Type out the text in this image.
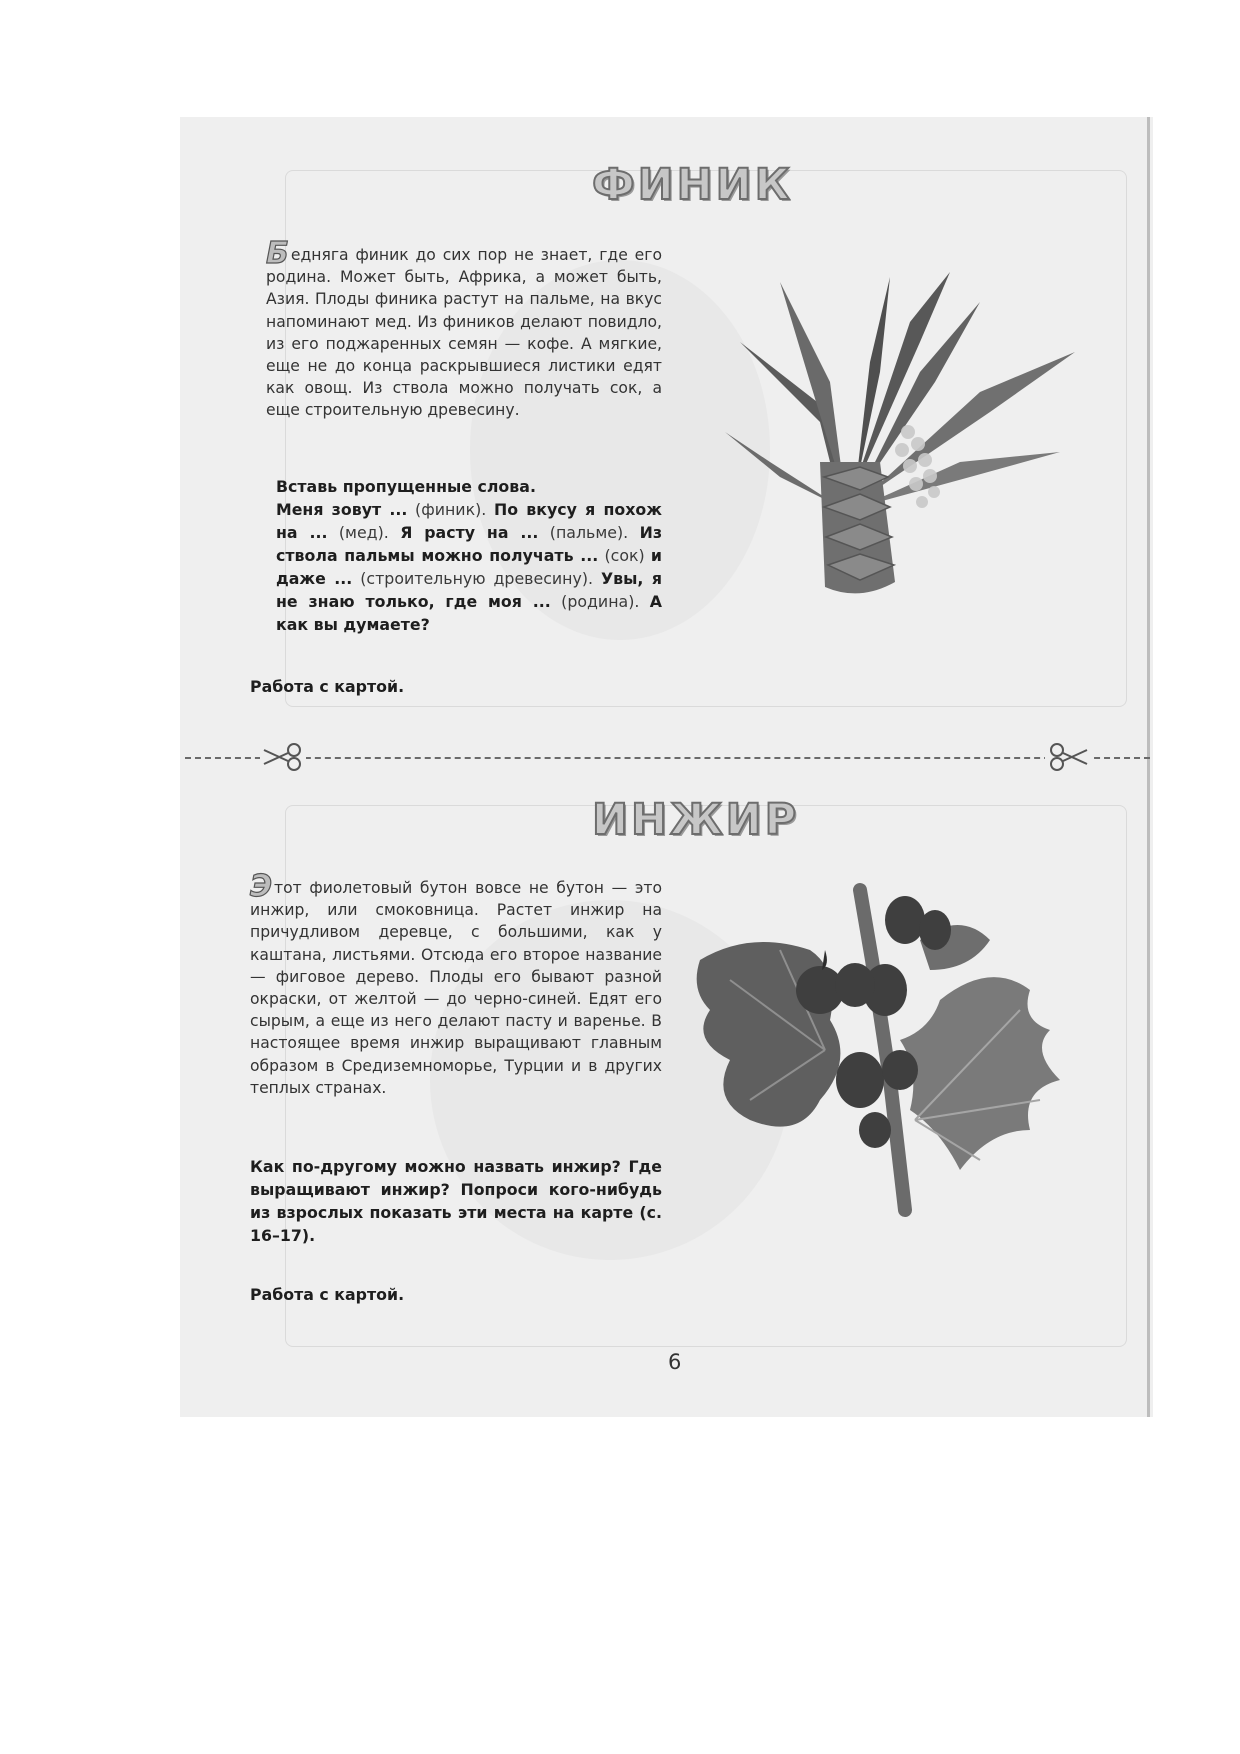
ФИНИК
Бедняга финик до сих пор не знает, где его родина. Может быть, Африка, а может быть, Азия. Плоды финика растут на пальме, на вкус напоминают мед. Из фиников делают повидло, из его поджаренных семян — кофе. А мягкие, еще не до конца раскрывшиеся листики едят как овощ. Из ствола можно получать сок, а еще строительную древесину.
Вставь пропущенные слова.
Меня зовут ... (финик). По вкусу я похож на ... (мед). Я расту на ... (пальме). Из ствола пальмы можно получать ... (сок) и даже ... (строительную древесину). Увы, я не знаю только, где моя ... (родина). А как вы думаете?
Работа с картой.
ИНЖИР
Этот фиолетовый бутон вовсе не бутон — это инжир, или смоковница. Растет инжир на причудливом деревце, с большими, как у каштана, листьями. Отсюда его второе название — фиговое дерево. Плоды его бывают разной окраски, от желтой — до черно-синей. Едят его сырым, а еще из него делают пасту и варенье. В настоящее время инжир выращивают главным образом в Средиземноморье, Турции и в других теплых странах.
Как по-другому можно назвать инжир? Где выращивают инжир? Попроси кого-нибудь из взрослых показать эти места на карте (с. 16–17).
Работа с картой.
6
